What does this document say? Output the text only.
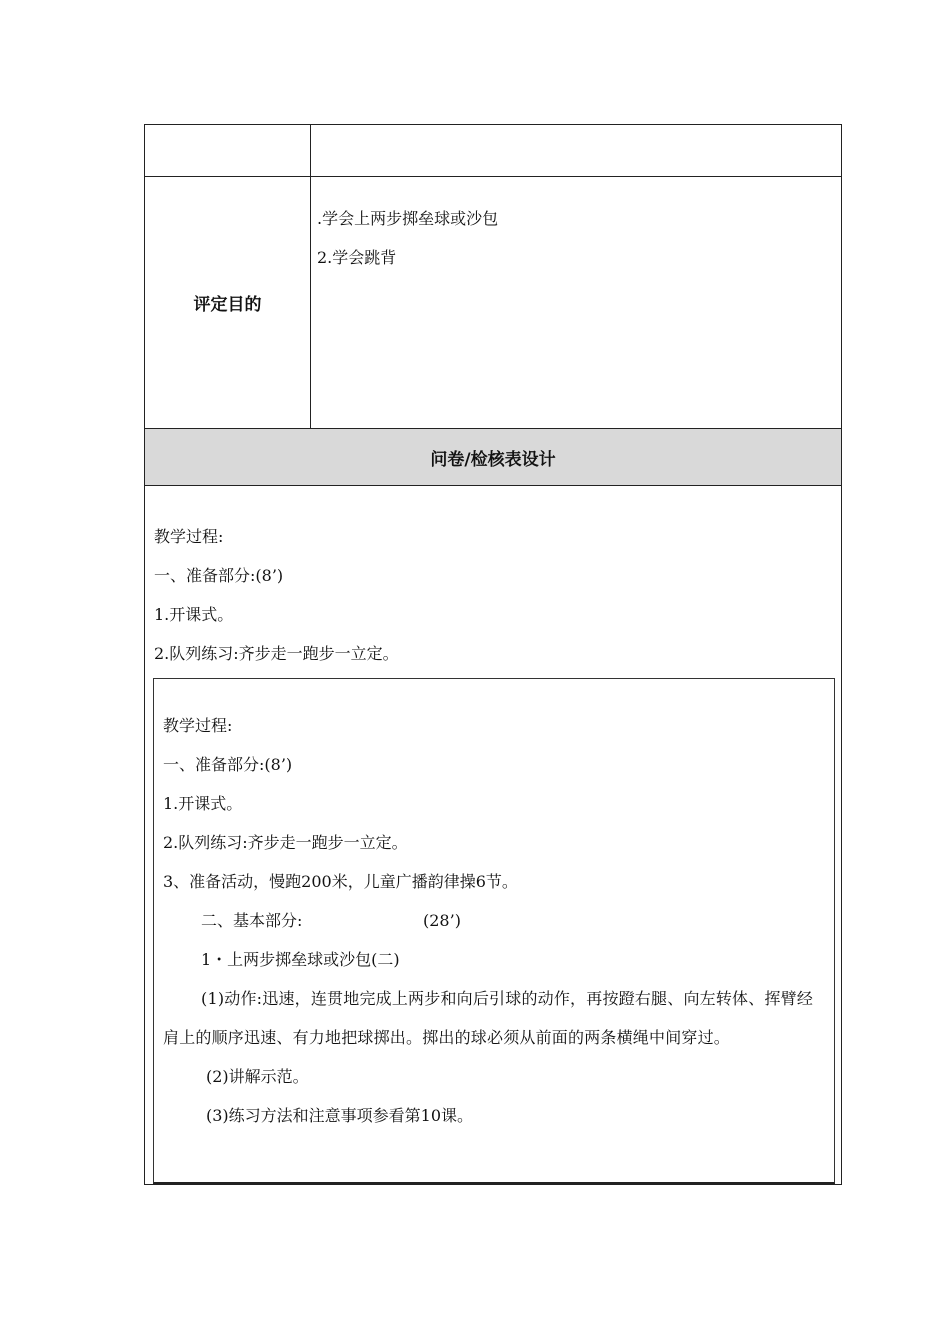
评定目的
.学会上两步掷垒球或沙包
2.学会跳背
问卷/检核表设计
教学过程:
一、准备部分:(8’)
1.开课式。
2.队列练习:齐步走一跑步一立定。
教学过程:
一、准备部分:(8’)
1.开课式。
2.队列练习:齐步走一跑步一立定。
3、准备活动，慢跑200米，儿童广播韵律操6节。
二、基本部分:	(28’)
1・上两步掷垒球或沙包(二)
(1)动作:迅速，连贯地完成上两步和向后引球的动作，再按蹬右腿、向左转体、挥臂经肩上的顺序迅速、有力地把球掷出。掷出的球必须从前面的两条横绳中间穿过。
(2)讲解示范。
(3)练习方法和注意事项参看第10课。
